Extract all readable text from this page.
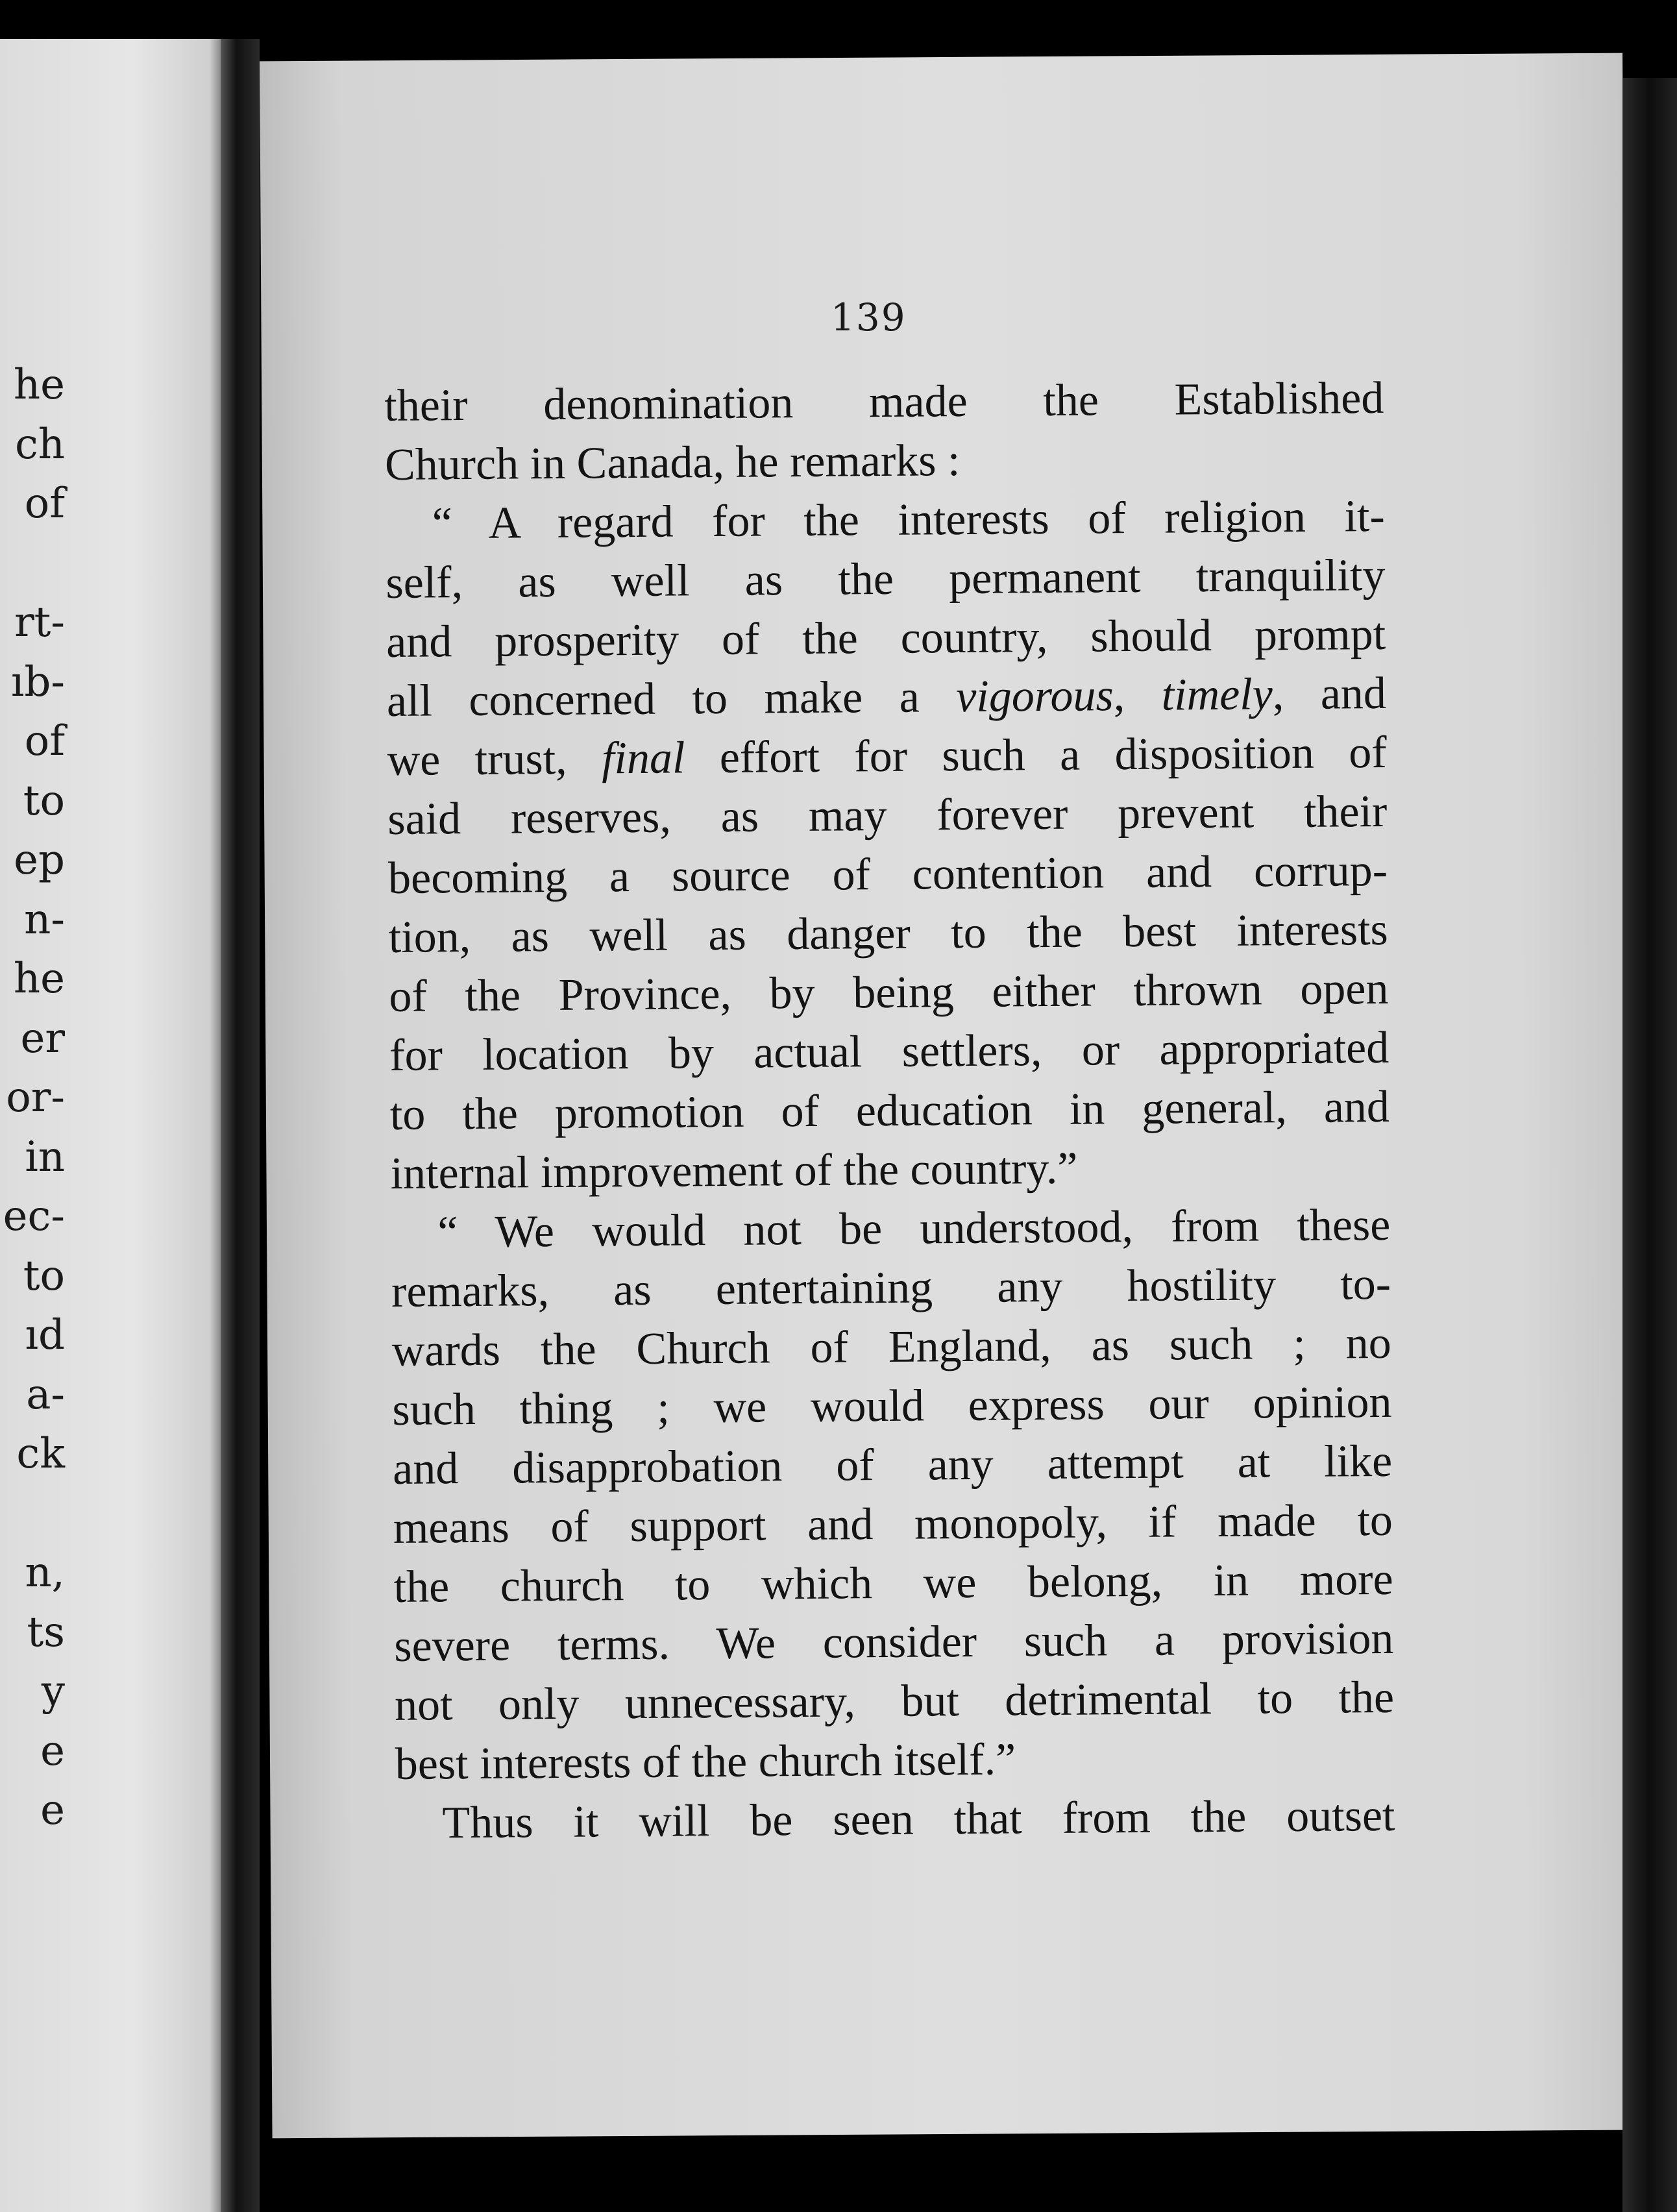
he
ch
of
rt-
ıb-
of
to
ep
n-
he
er
or-
in
ec-
to
ıd
a-
ck
n,
ts
y
e
e
139
their denomination made the Established
Church in Canada, he remarks :
“ A regard for the interests of religion it-
self, as well as the permanent tranquility
and prosperity of the country, should prompt
all concerned to make a vigorous, timely, and
we trust, final effort for such a disposition of
said reserves, as may forever prevent their
becoming a source of contention and corrup-
tion, as well as danger to the best interests
of the Province, by being either thrown open
for location by actual settlers, or appropriated
to the promotion of education in general, and
internal improvement of the country.”
“ We would not be understood, from these
remarks, as entertaining any hostility to-
wards the Church of England, as such ; no
such thing ; we would express our opinion
and disapprobation of any attempt at like
means of support and monopoly, if made to
the church to which we belong, in more
severe terms. We consider such a provision
not only unnecessary, but detrimental to the
best interests of the church itself.”
Thus it will be seen that from the outset
